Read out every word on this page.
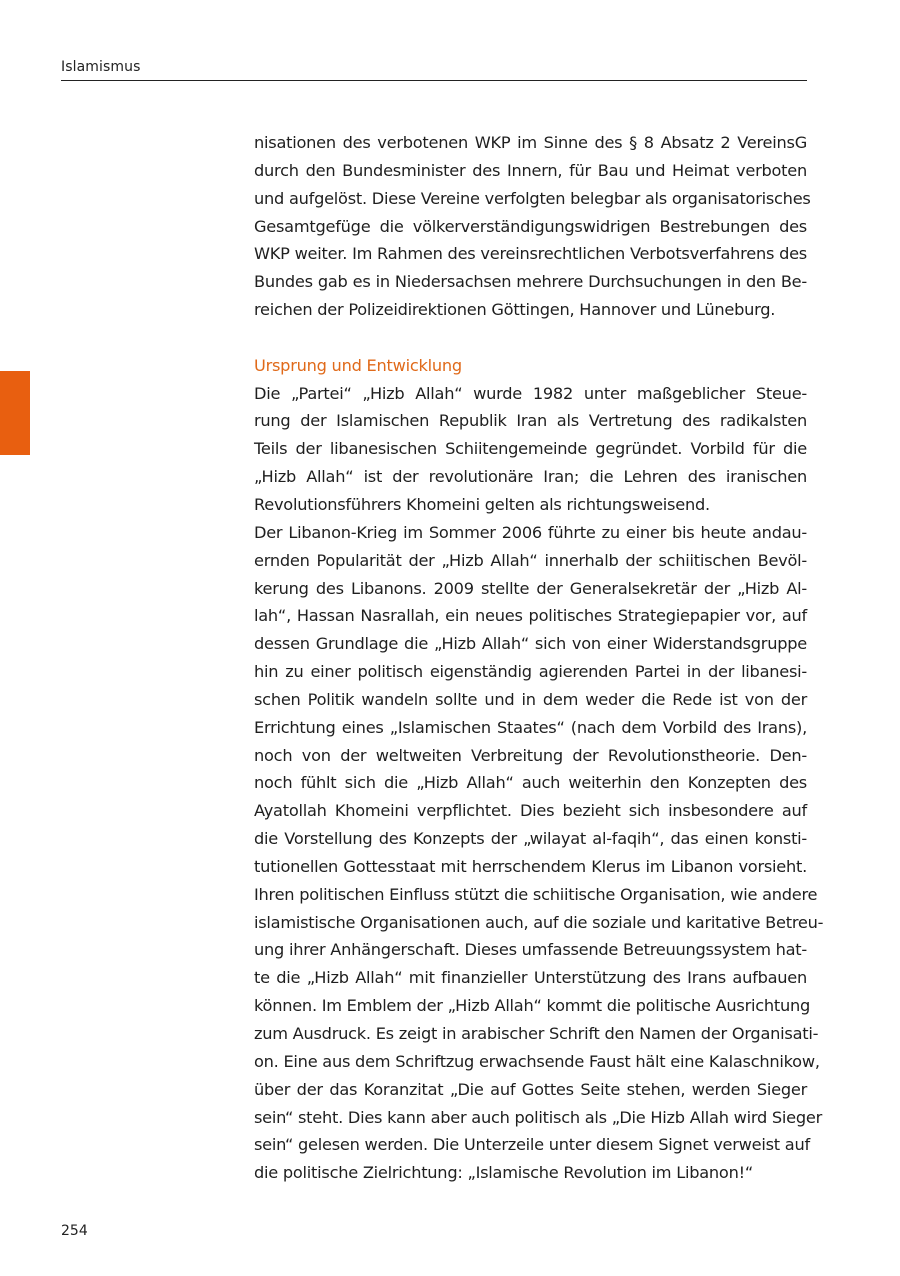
Islamismus
nisationen des verbotenen WKP im Sinne des § 8 Absatz 2 VereinsG
durch den Bundesminister des Innern, für Bau und Heimat verboten
und aufgelöst. Diese Vereine verfolgten belegbar als organisatorisches
Gesamtgefüge die völkerverständigungswidrigen Bestrebungen des
WKP weiter. Im Rahmen des vereinsrechtlichen Verbotsverfahrens des
Bundes gab es in Niedersachsen mehrere Durchsuchungen in den Be-
reichen der Polizeidirektionen Göttingen, Hannover und Lüneburg.
Ursprung und Entwicklung
Die „Partei“ „Hizb Allah“ wurde 1982 unter maßgeblicher Steue-
rung der Islamischen Republik Iran als Vertretung des radikalsten
Teils der libanesischen Schiitengemeinde gegründet. Vorbild für die
„Hizb Allah“ ist der revolutionäre Iran; die Lehren des iranischen
Revolutionsführers Khomeini gelten als richtungsweisend.
Der Libanon-Krieg im Sommer 2006 führte zu einer bis heute andau-
ernden Popularität der „Hizb Allah“ innerhalb der schiitischen Bevöl-
kerung des Libanons. 2009 stellte der Generalsekretär der „Hizb Al-
lah“, Hassan Nasrallah, ein neues politisches Strategiepapier vor, auf
dessen Grundlage die „Hizb Allah“ sich von einer Widerstandsgruppe
hin zu einer politisch eigenständig agierenden Partei in der libanesi-
schen Politik wandeln sollte und in dem weder die Rede ist von der
Errichtung eines „Islamischen Staates“ (nach dem Vorbild des Irans),
noch von der weltweiten Verbreitung der Revolutionstheorie. Den-
noch fühlt sich die „Hizb Allah“ auch weiterhin den Konzepten des
Ayatollah Khomeini verpflichtet. Dies bezieht sich insbesondere auf
die Vorstellung des Konzepts der „wilayat al-faqih“, das einen konsti-
tutionellen Gottesstaat mit herrschendem Klerus im Libanon vorsieht.
Ihren politischen Einfluss stützt die schiitische Organisation, wie andere
islamistische Organisationen auch, auf die soziale und karitative Betreu-
ung ihrer Anhängerschaft. Dieses umfassende Betreuungssystem hat-
te die „Hizb Allah“ mit finanzieller Unterstützung des Irans aufbauen
können. Im Emblem der „Hizb Allah“ kommt die politische Ausrichtung
zum Ausdruck. Es zeigt in arabischer Schrift den Namen der Organisati-
on. Eine aus dem Schriftzug erwachsende Faust hält eine Kalaschnikow,
über der das Koranzitat „Die auf Gottes Seite stehen, werden Sieger
sein“ steht. Dies kann aber auch politisch als „Die Hizb Allah wird Sieger
sein“ gelesen werden. Die Unterzeile unter diesem Signet verweist auf
die politische Zielrichtung: „Islamische Revolution im Libanon!“
254
